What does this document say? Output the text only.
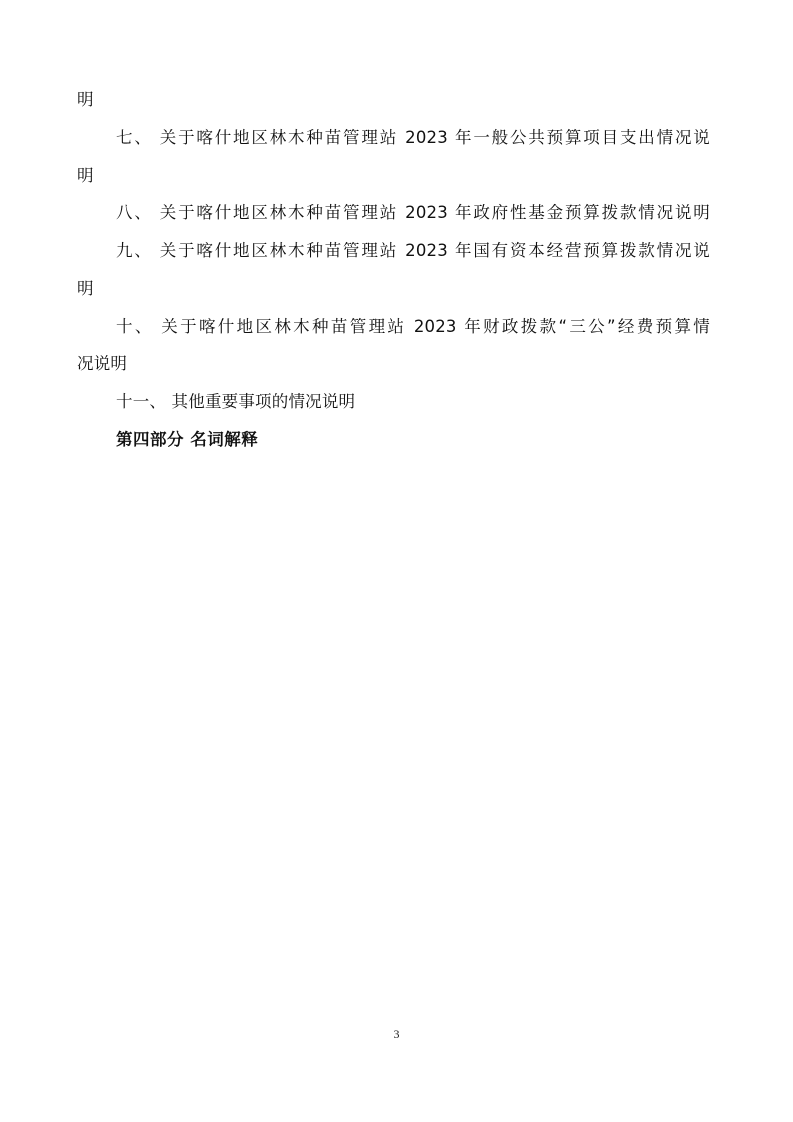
明
七、 关于喀什地区林木种苗管理站 2023 年一般公共预算项目支出情况说
明
八、 关于喀什地区林木种苗管理站 2023 年政府性基金预算拨款情况说明
九、 关于喀什地区林木种苗管理站 2023 年国有资本经营预算拨款情况说
明
十、 关于喀什地区林木种苗管理站 2023 年财政拨款“三公”经费预算情
况说明
十一、 其他重要事项的情况说明
第四部分 名词解释
3
